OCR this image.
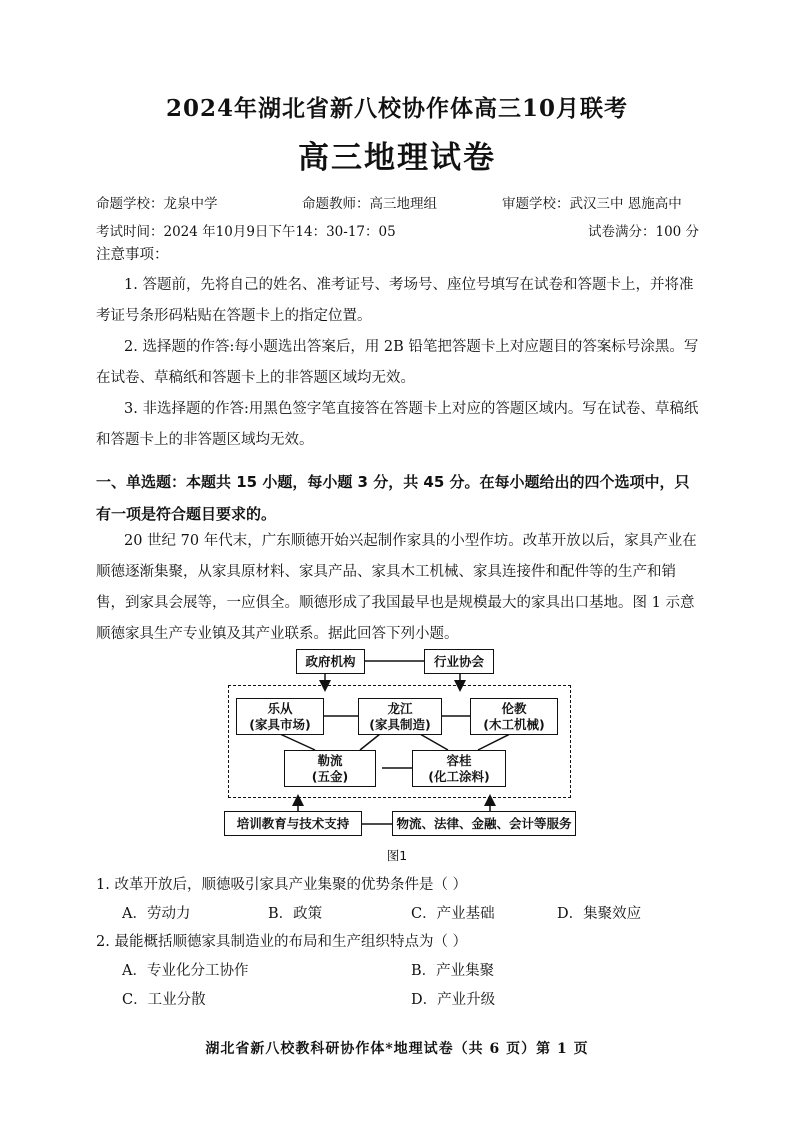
2024年湖北省新八校协作体高三10月联考
高三地理试卷
命题学校：龙泉中学	命题教师：高三地理组	审题学校：武汉三中 恩施高中
考试时间：2024 年10月9日下午14：30-17：05	试卷满分：100 分
注意事项：
1. 答题前，先将自己的姓名、准考证号、考场号、座位号填写在试卷和答题卡上，并将准考证号条形码粘贴在答题卡上的指定位置。
2. 选择题的作答:每小题选出答案后，用 2B 铅笔把答题卡上对应题目的答案标号涂黑。写在试卷、草稿纸和答题卡上的非答题区域均无效。
3. 非选择题的作答:用黑色签字笔直接答在答题卡上对应的答题区域内。写在试卷、草稿纸和答题卡上的非答题区域均无效。
一、单选题：本题共 15 小题，每小题 3 分，共 45 分。在每小题给出的四个选项中，只有一项是符合题目要求的。
20 世纪 70 年代末，广东顺德开始兴起制作家具的小型作坊。改革开放以后，家具产业在顺德逐渐集聚，从家具原材料、家具产品、家具木工机械、家具连接件和配件等的生产和销售，到家具会展等，一应俱全。顺德形成了我国最早也是规模最大的家具出口基地。图 1 示意顺德家具生产专业镇及其产业联系。据此回答下列小题。
政府机构	行业协会
乐从
(家具市场)
龙江
(家具制造)
伦教
(木工机械)
勒流
(五金)
容桂
(化工涂料)
培训教育与技术支持	物流、法律、金融、会计等服务
图1
1. 改革开放后，顺德吸引家具产业集聚的优势条件是（ ）
A．劳动力	B．政策	C．产业基础	D．集聚效应
2. 最能概括顺德家具制造业的布局和生产组织特点为（ ）
A．专业化分工协作	B．产业集聚
C．工业分散	D．产业升级
湖北省新八校教科研协作体*地理试卷（共 6 页）第 1 页
